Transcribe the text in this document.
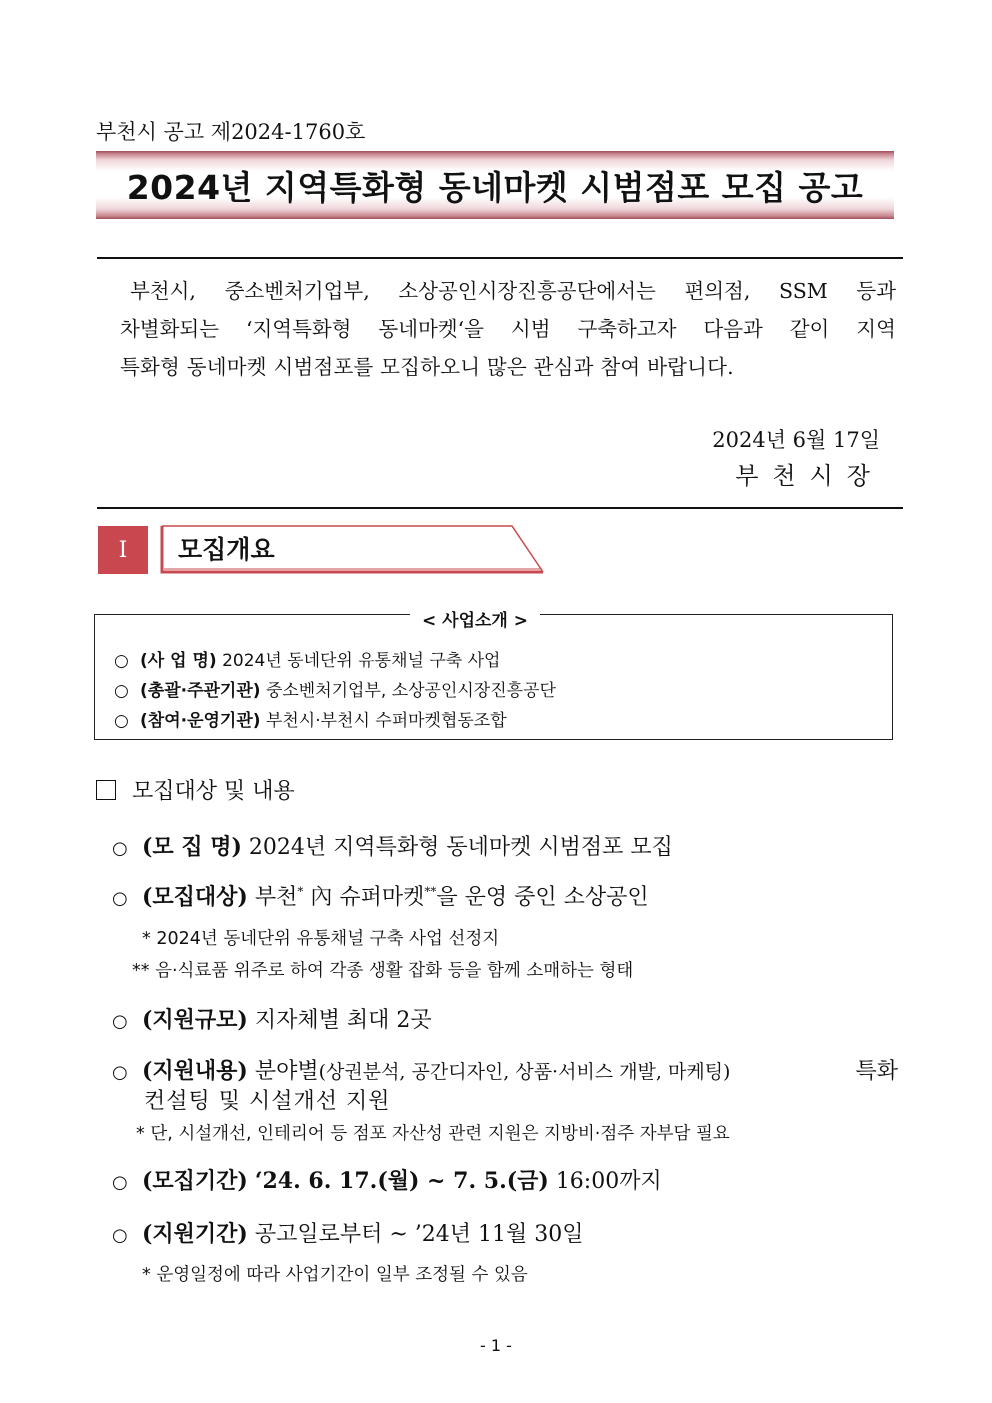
부천시 공고 제2024-1760호
2024년 지역특화형 동네마켓 시범점포 모집 공고
부천시, 중소벤처기업부, 소상공인시장진흥공단에서는 편의점, SSM 등과
차별화되는 ‘지역특화형 동네마켓‘을 시범 구축하고자 다음과 같이 지역
특화형 동네마켓 시범점포를 모집하오니 많은 관심과 참여 바랍니다.
2024년 6월 17일
부천시장
I	모집개요
< 사업소개 >
○ (사 업 명) 2024년 동네단위 유통채널 구축 사업
○ (총괄·주관기관) 중소벤처기업부, 소상공인시장진흥공단
○ (참여·운영기관) 부천시·부천시 수퍼마켓협동조합
모집대상 및 내용
○ (모 집 명) 2024년 지역특화형 동네마켓 시범점포 모집
○ (모집대상) 부천* 內 슈퍼마켓**을 운영 중인 소상공인
* 2024년 동네단위 유통채널 구축 사업 선정지
** 음·식료품 위주로 하여 각종 생활 잡화 등을 함께 소매하는 형태
○ (지원규모) 지자체별 최대 2곳
○ (지원내용) 분야별(상권분석, 공간디자인, 상품·서비스 개발, 마케팅)	특화
컨설팅 및 시설개선 지원
* 단, 시설개선, 인테리어 등 점포 자산성 관련 지원은 지방비·점주 자부담 필요
○ (모집기간) ‘24. 6. 17.(월) ~ 7. 5.(금) 16:00까지
○ (지원기간) 공고일로부터 ~ ’24년 11월 30일
* 운영일정에 따라 사업기간이 일부 조정될 수 있음
- 1 -
